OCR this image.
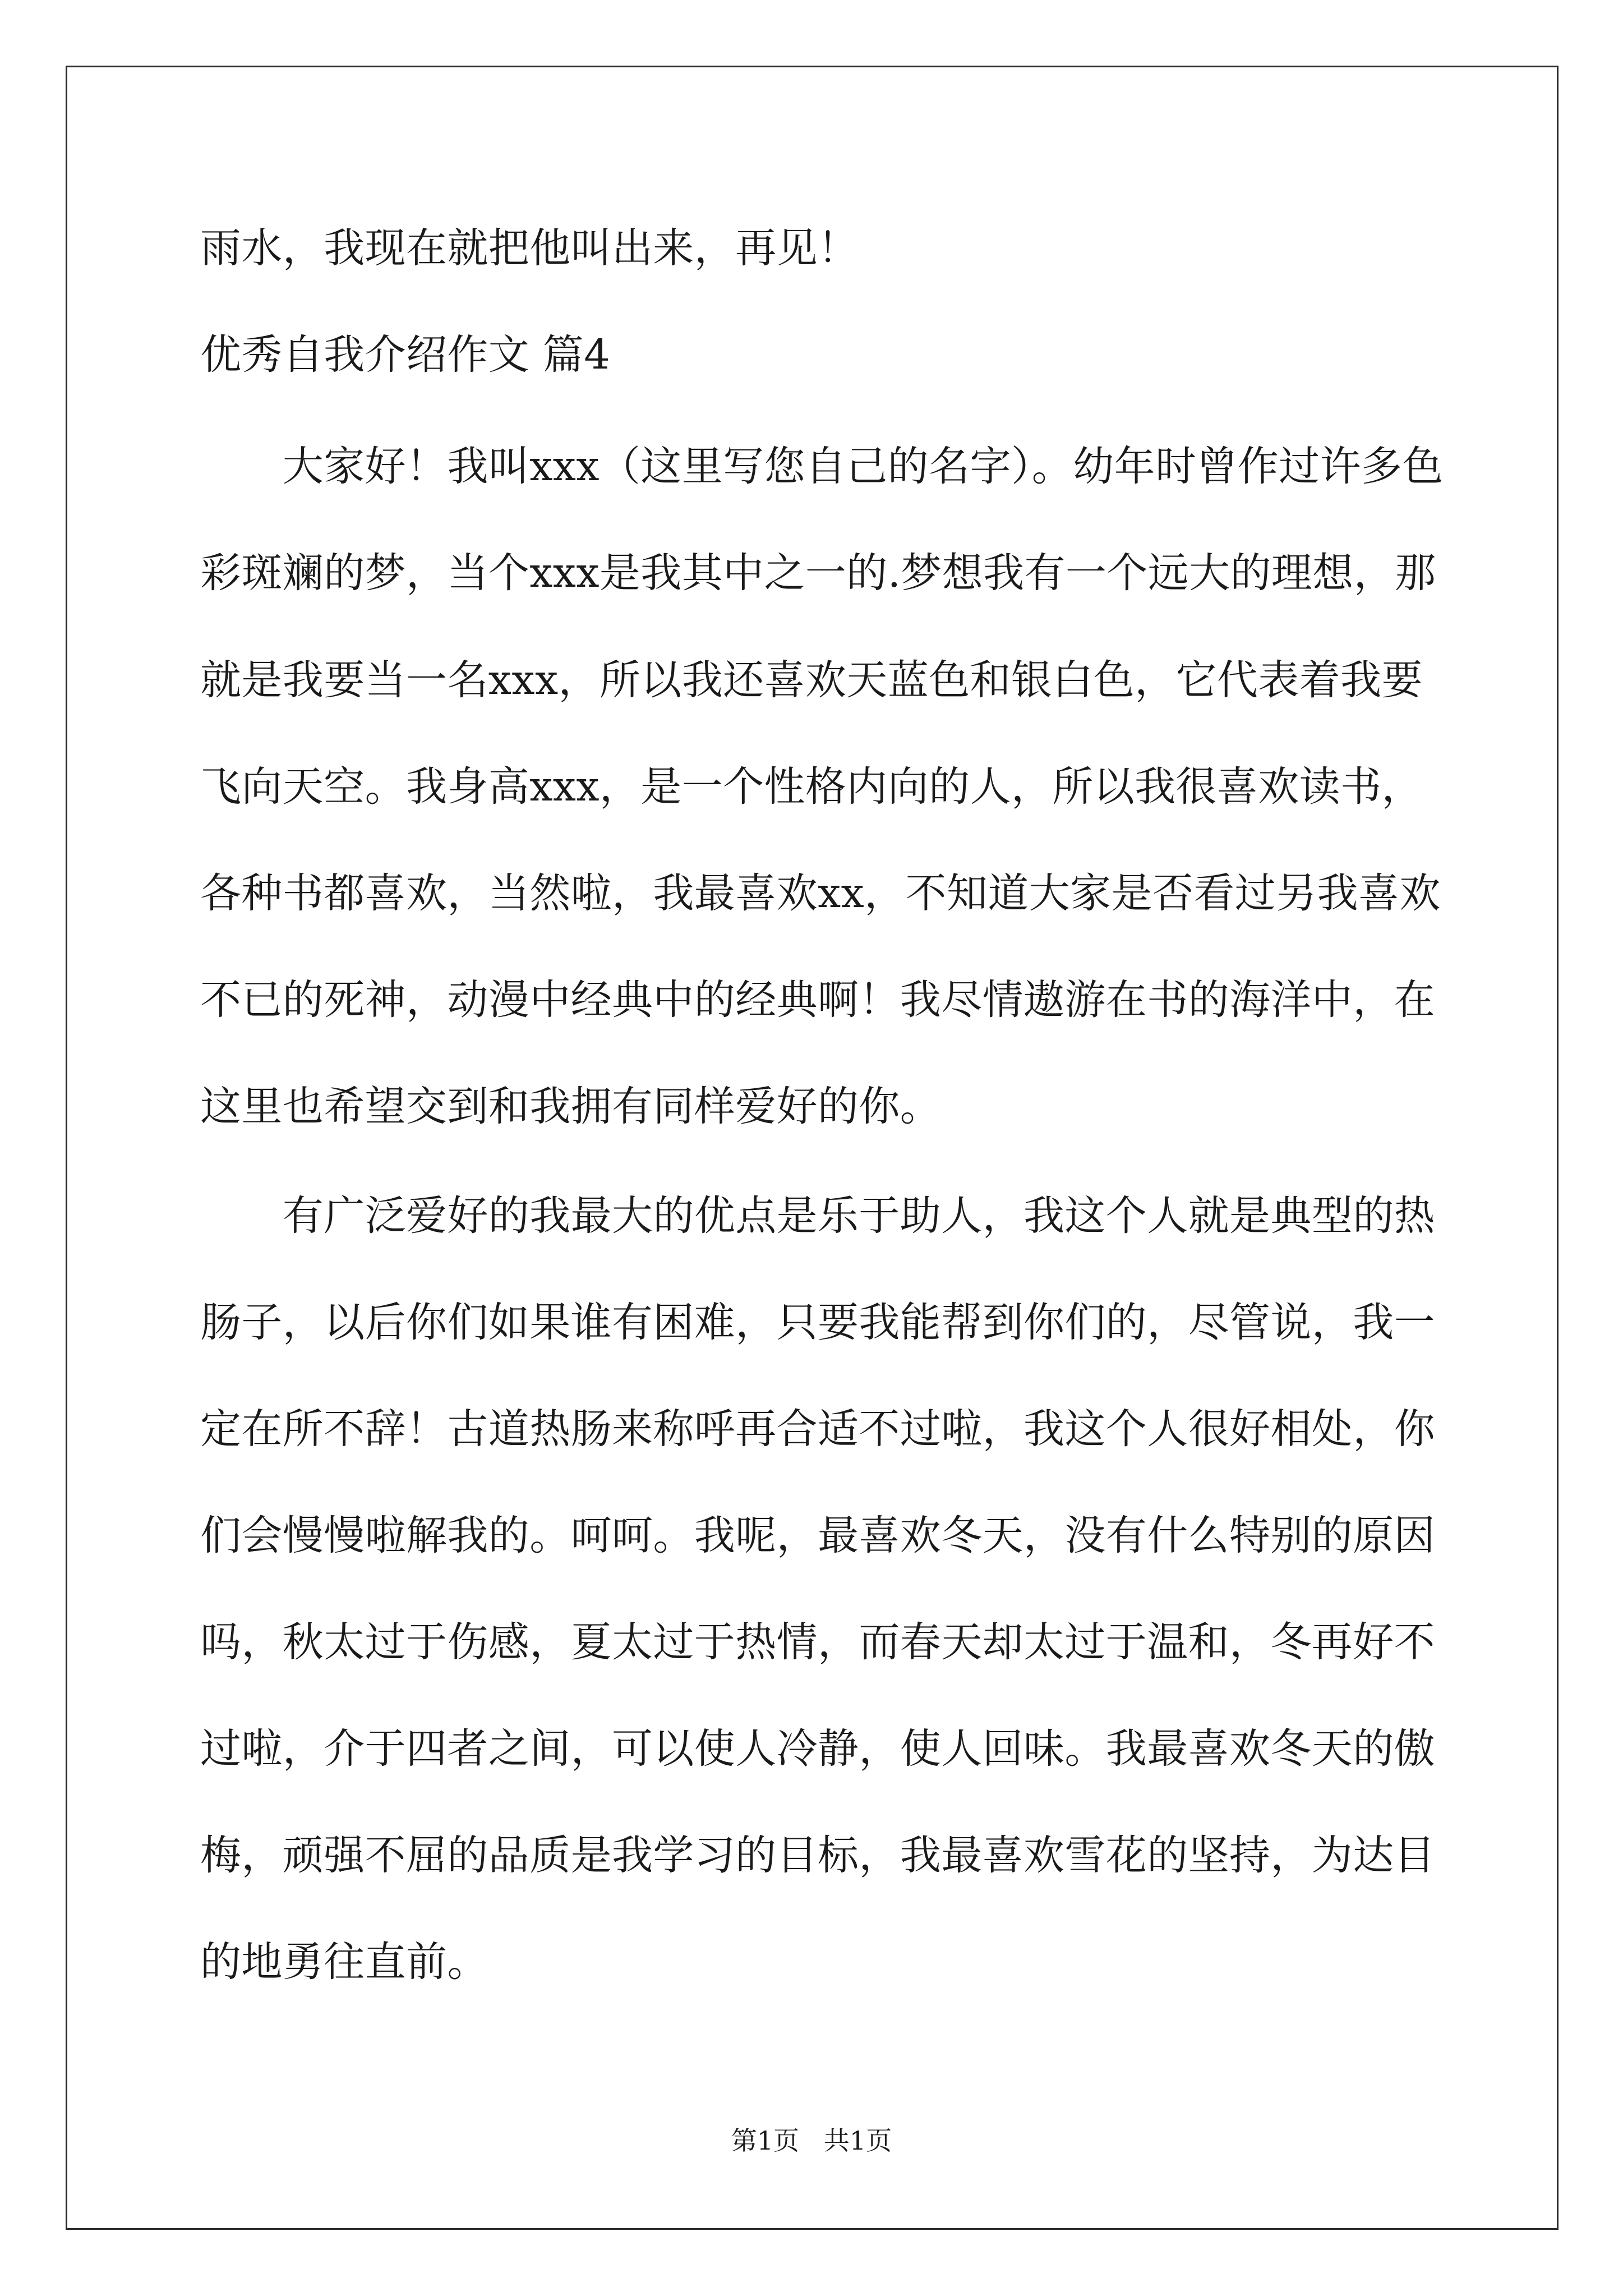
雨水，我现在就把他叫出来，再见！
优秀自我介绍作文 篇4
　　大家好！我叫xxx（这里写您自己的名字）。幼年时曾作过许多色
彩斑斓的梦，当个xxx是我其中之一的.梦想我有一个远大的理想，那
就是我要当一名xxx，所以我还喜欢天蓝色和银白色，它代表着我要
飞向天空。我身高xxx，是一个性格内向的人，所以我很喜欢读书，
各种书都喜欢，当然啦，我最喜欢xx，不知道大家是否看过另我喜欢
不已的死神，动漫中经典中的经典啊！我尽情遨游在书的海洋中，在
这里也希望交到和我拥有同样爱好的你。
　　有广泛爱好的我最大的优点是乐于助人，我这个人就是典型的热
肠子，以后你们如果谁有困难，只要我能帮到你们的，尽管说，我一
定在所不辞！古道热肠来称呼再合适不过啦，我这个人很好相处，你
们会慢慢啦解我的。呵呵。我呢，最喜欢冬天，没有什么特别的原因
吗，秋太过于伤感，夏太过于热情，而春天却太过于温和，冬再好不
过啦，介于四者之间，可以使人冷静，使人回味。我最喜欢冬天的傲
梅，顽强不屈的品质是我学习的目标，我最喜欢雪花的坚持，为达目
的地勇往直前。
第1页   共1页
